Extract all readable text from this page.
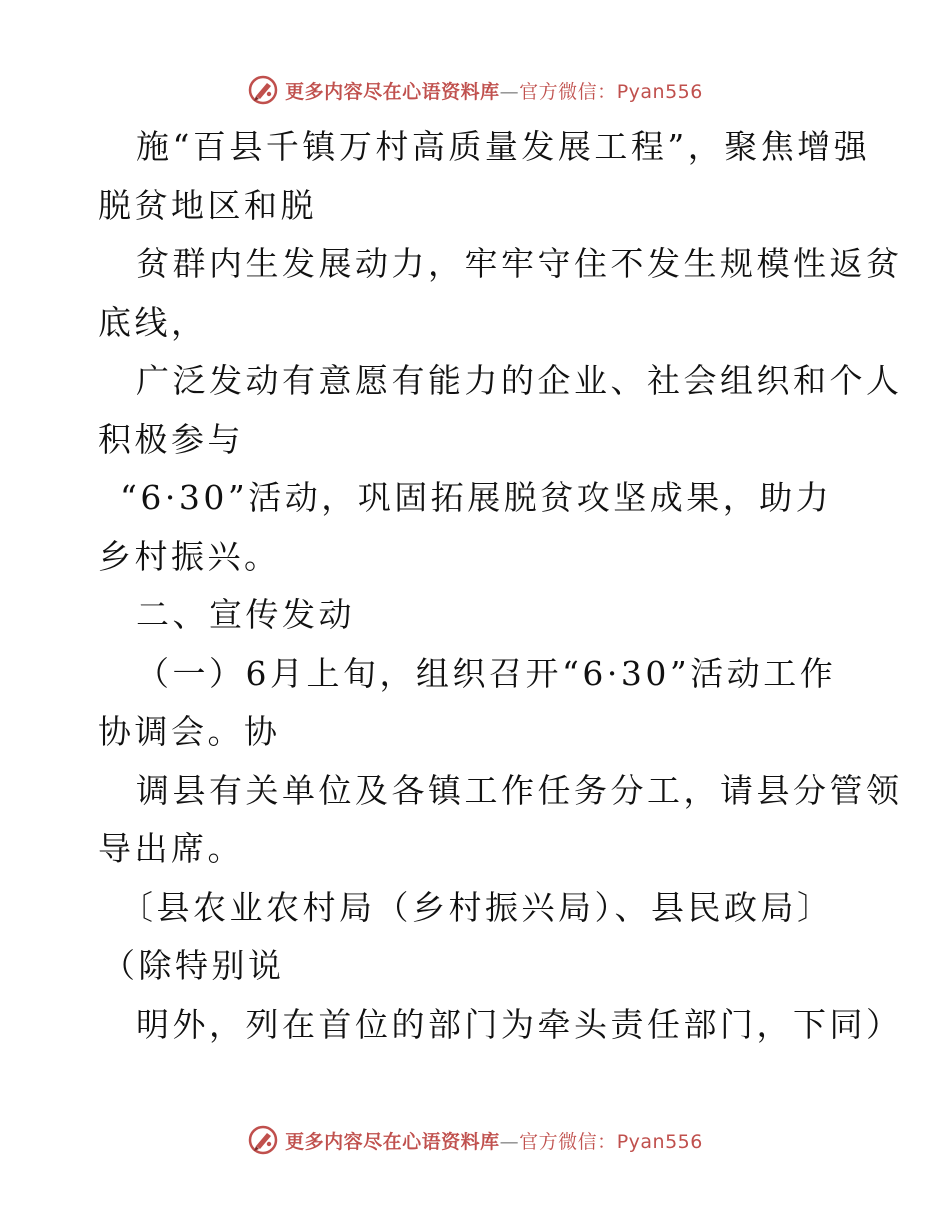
更多内容尽在心语资料库—官方微信：Pyan556
施“百县千镇万村高质量发展工程”，聚焦增强
脱贫地区和脱
贫群内生发展动力，牢牢守住不发生规模性返贫
底线，
广泛发动有意愿有能力的企业、社会组织和个人
积极参与
“6·30”活动，巩固拓展脱贫攻坚成果，助力
乡村振兴。
二、宣传发动
（一）6月上旬，组织召开“6·30”活动工作
协调会。协
调县有关单位及各镇工作任务分工，请县分管领
导出席。
〔县农业农村局（乡村振兴局）、县民政局〕
（除特别说
明外，列在首位的部门为牵头责任部门，下同）
更多内容尽在心语资料库—官方微信：Pyan556
